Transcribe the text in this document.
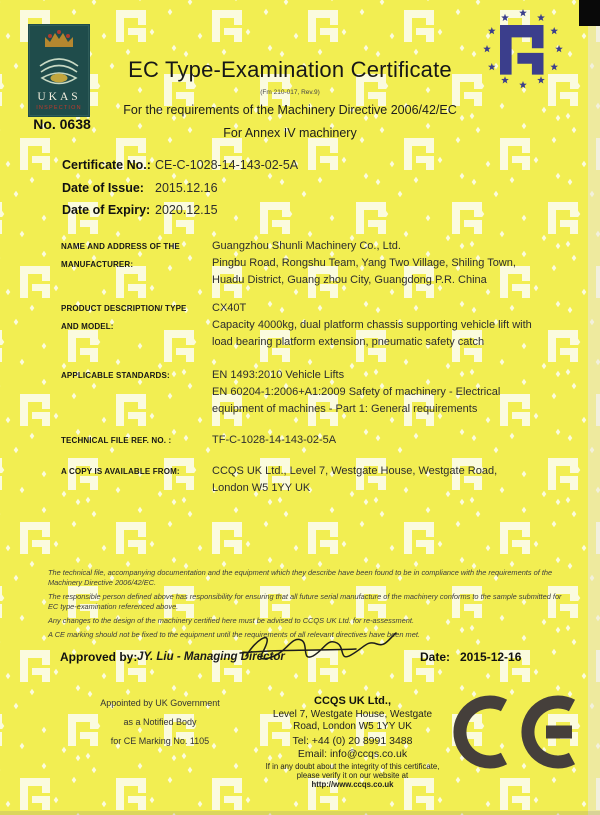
UKAS
INSPECTION
No. 0638
EC Type-Examination Certificate
(Fm 210-017, Rev.9)
For the requirements of the Machinery Directive 2006/42/EC
For Annex IV machinery
Certificate No.: CE-C-1028-14-143-02-5A
Date of Issue: 2015.12.16
Date of Expiry: 2020.12.15
NAME AND ADDRESS OF THE
MANUFACTURER:
Guangzhou Shunli Machinery Co., Ltd.
Pingbu Road, Rongshu Team, Yang Two Village, Shiling Town,
Huadu District, Guang zhou City, Guangdong P.R. China
PRODUCT DESCRIPTION/ TYPE
AND MODEL:
CX40T
Capacity 4000kg, dual platform chassis supporting vehicle lift with
load bearing platform extension, pneumatic safety catch
APPLICABLE STANDARDS:	EN 1493:2010 Vehicle Lifts
EN 60204-1:2006+A1:2009 Safety of machinery - Electrical
equipment of machines - Part 1: General requirements
TECHNICAL FILE REF. NO. :	TF-C-1028-14-143-02-5A
A COPY IS AVAILABLE FROM:	CCQS UK Ltd., Level 7, Westgate House, Westgate Road,
London W5 1YY UK

The technical file, accompanying documentation and the equipment which they describe have been found to be in compliance with the requirements of the Machinery Directive 2006/42/EC.

The responsible person defined above has responsibility for ensuring that all future serial manufacture of the machinery conforms to the sample submitted for EC type-examination referenced above.

Any changes to the design of the machinery certified here must be advised to CCQS UK Ltd. for re-assessment.

A CE marking should not be fixed to the equipment until the requirements of all relevant directives have been met.

Approved by: JY. Liu - Managing Director	Date: 2015-12-16
Appointed by UK Government
as a Notified Body
for CE Marking No. 1105
CCQS UK Ltd.,
Level 7, Westgate House, Westgate
Road, London W5 1YY UK
Tel: +44 (0) 20 8991 3488
Email: info@ccqs.co.uk
If in any doubt about the integrity of this certificate,
please verify it on our website at
http://www.ccqs.co.uk
